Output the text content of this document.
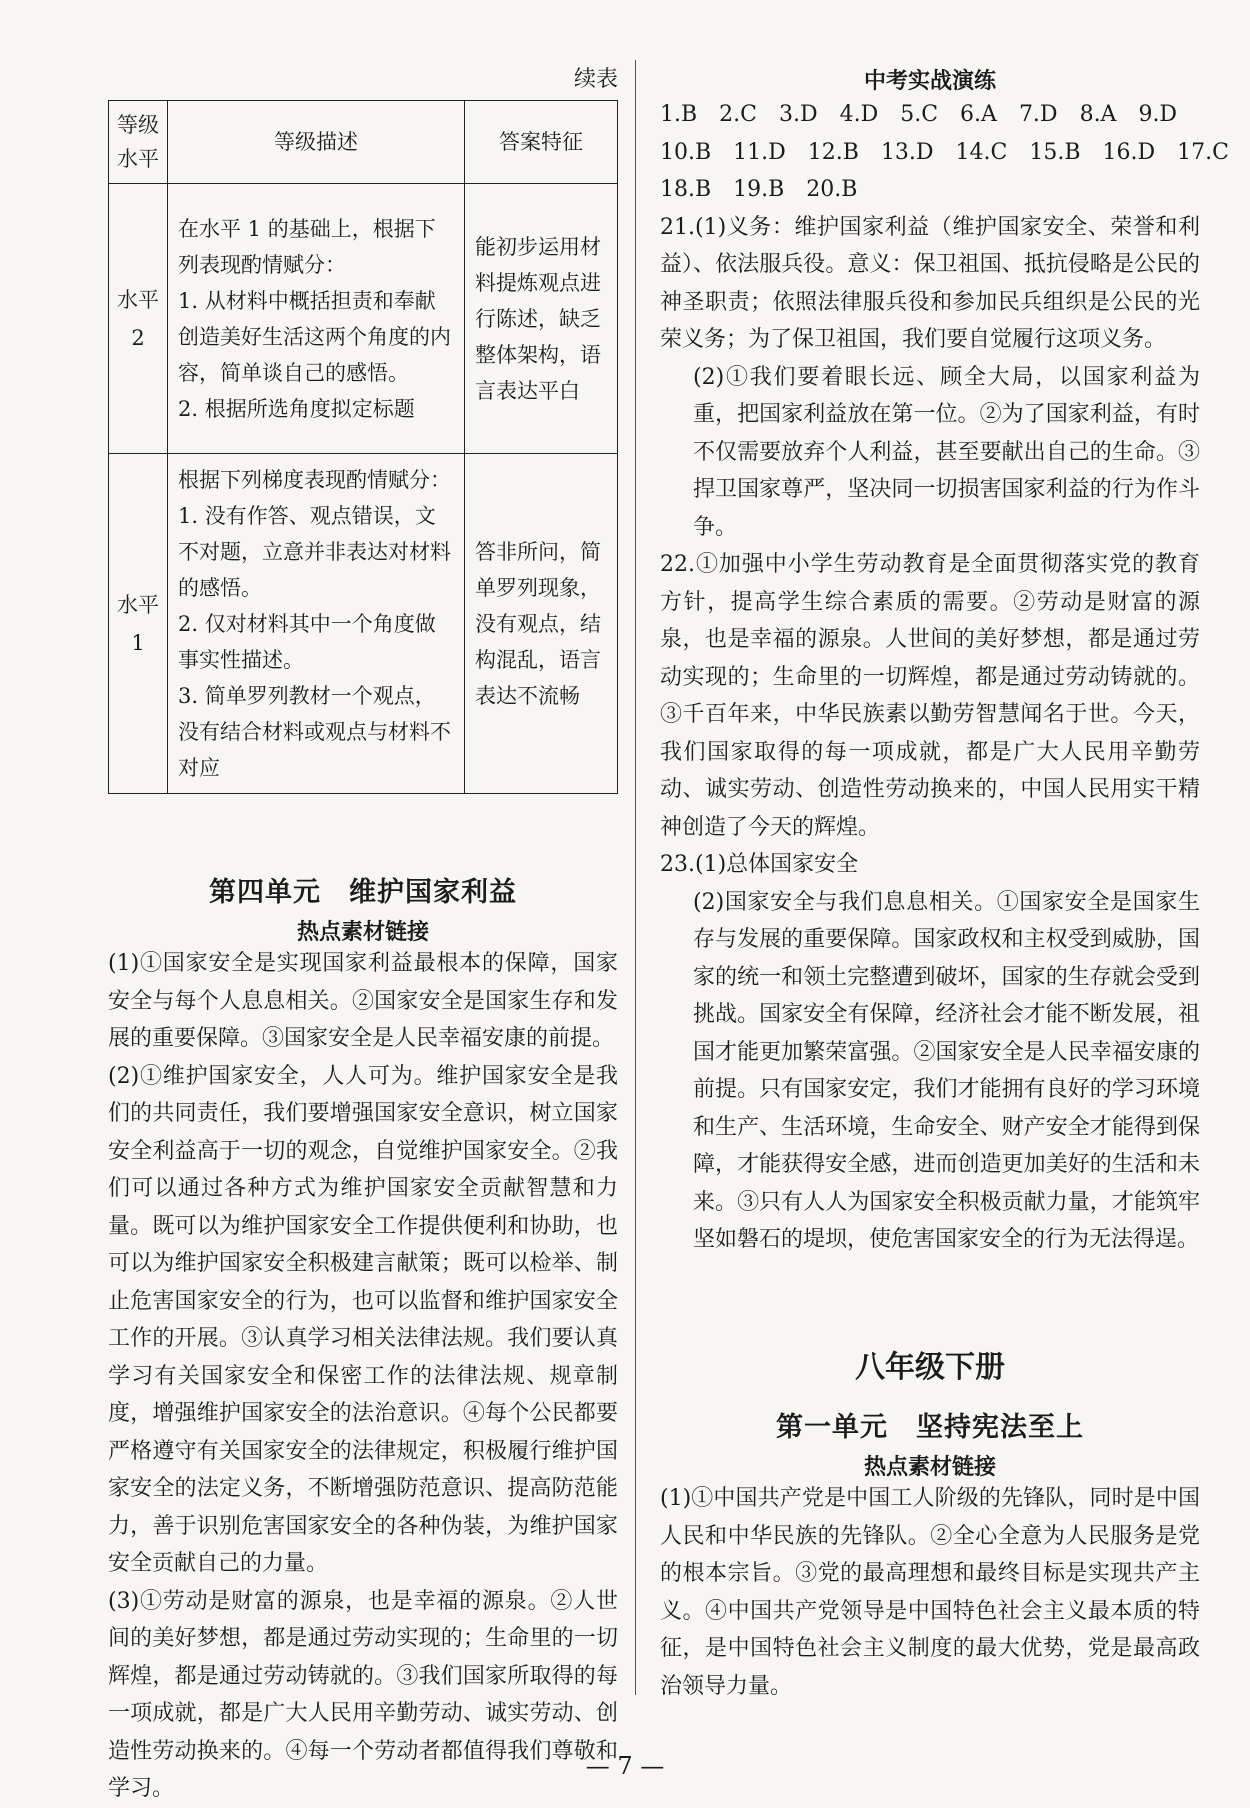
续表
等级水平	等级描述	答案特征
水平2	在水平 1 的基础上，根据下列表现酌情赋分：
1. 从材料中概括担责和奉献创造美好生活这两个角度的内容，简单谈自己的感悟。
2. 根据所选角度拟定标题	能初步运用材料提炼观点进行陈述，缺乏整体架构，语言表达平白
水平1	根据下列梯度表现酌情赋分：
1. 没有作答、观点错误，文不对题，立意并非表达对材料的感悟。
2. 仅对材料其中一个角度做事实性描述。
3. 简单罗列教材一个观点，没有结合材料或观点与材料不对应	答非所问，简单罗列现象，没有观点，结构混乱，语言表达不流畅
第四单元　维护国家利益
热点素材链接

(1)①国家安全是实现国家利益最根本的保障，国家安全与每个人息息相关。②国家安全是国家生存和发展的重要保障。③国家安全是人民幸福安康的前提。

(2)①维护国家安全，人人可为。维护国家安全是我们的共同责任，我们要增强国家安全意识，树立国家安全利益高于一切的观念，自觉维护国家安全。②我们可以通过各种方式为维护国家安全贡献智慧和力量。既可以为维护国家安全工作提供便利和协助，也可以为维护国家安全积极建言献策；既可以检举、制止危害国家安全的行为，也可以监督和维护国家安全工作的开展。③认真学习相关法律法规。我们要认真学习有关国家安全和保密工作的法律法规、规章制度，增强维护国家安全的法治意识。④每个公民都要严格遵守有关国家安全的法律规定，积极履行维护国家安全的法定义务，不断增强防范意识、提高防范能力，善于识别危害国家安全的各种伪装，为维护国家安全贡献自己的力量。

(3)①劳动是财富的源泉，也是幸福的源泉。②人世间的美好梦想，都是通过劳动实现的；生命里的一切辉煌，都是通过劳动铸就的。③我们国家所取得的每一项成就，都是广大人民用辛勤劳动、诚实劳动、创造性劳动换来的。④每一个劳动者都值得我们尊敬和学习。

中考实战演练

1.B　2.C　3.D　4.D　5.C　6.A　7.D　8.A　9.D

10.B　11.D　12.B　13.D　14.C　15.B　16.D　17.C

18.B　19.B　20.B

21.(1)义务：维护国家利益（维护国家安全、荣誉和利益）、依法服兵役。意义：保卫祖国、抵抗侵略是公民的神圣职责；依照法律服兵役和参加民兵组织是公民的光荣义务；为了保卫祖国，我们要自觉履行这项义务。

(2)①我们要着眼长远、顾全大局，以国家利益为重，把国家利益放在第一位。②为了国家利益，有时不仅需要放弃个人利益，甚至要献出自己的生命。③捍卫国家尊严，坚决同一切损害国家利益的行为作斗争。

22.①加强中小学生劳动教育是全面贯彻落实党的教育方针，提高学生综合素质的需要。②劳动是财富的源泉，也是幸福的源泉。人世间的美好梦想，都是通过劳动实现的；生命里的一切辉煌，都是通过劳动铸就的。③千百年来，中华民族素以勤劳智慧闻名于世。今天，我们国家取得的每一项成就，都是广大人民用辛勤劳动、诚实劳动、创造性劳动换来的，中国人民用实干精神创造了今天的辉煌。

23.(1)总体国家安全

(2)国家安全与我们息息相关。①国家安全是国家生存与发展的重要保障。国家政权和主权受到威胁，国家的统一和领土完整遭到破坏，国家的生存就会受到挑战。国家安全有保障，经济社会才能不断发展，祖国才能更加繁荣富强。②国家安全是人民幸福安康的前提。只有国家安定，我们才能拥有良好的学习环境和生产、生活环境，生命安全、财产安全才能得到保障，才能获得安全感，进而创造更加美好的生活和未来。③只有人人为国家安全积极贡献力量，才能筑牢坚如磐石的堤坝，使危害国家安全的行为无法得逞。

八年级下册
第一单元　坚持宪法至上
热点素材链接

(1)①中国共产党是中国工人阶级的先锋队，同时是中国人民和中华民族的先锋队。②全心全意为人民服务是党的根本宗旨。③党的最高理想和最终目标是实现共产主义。④中国共产党领导是中国特色社会主义最本质的特征，是中国特色社会主义制度的最大优势，党是最高政治领导力量。

— 7 —
